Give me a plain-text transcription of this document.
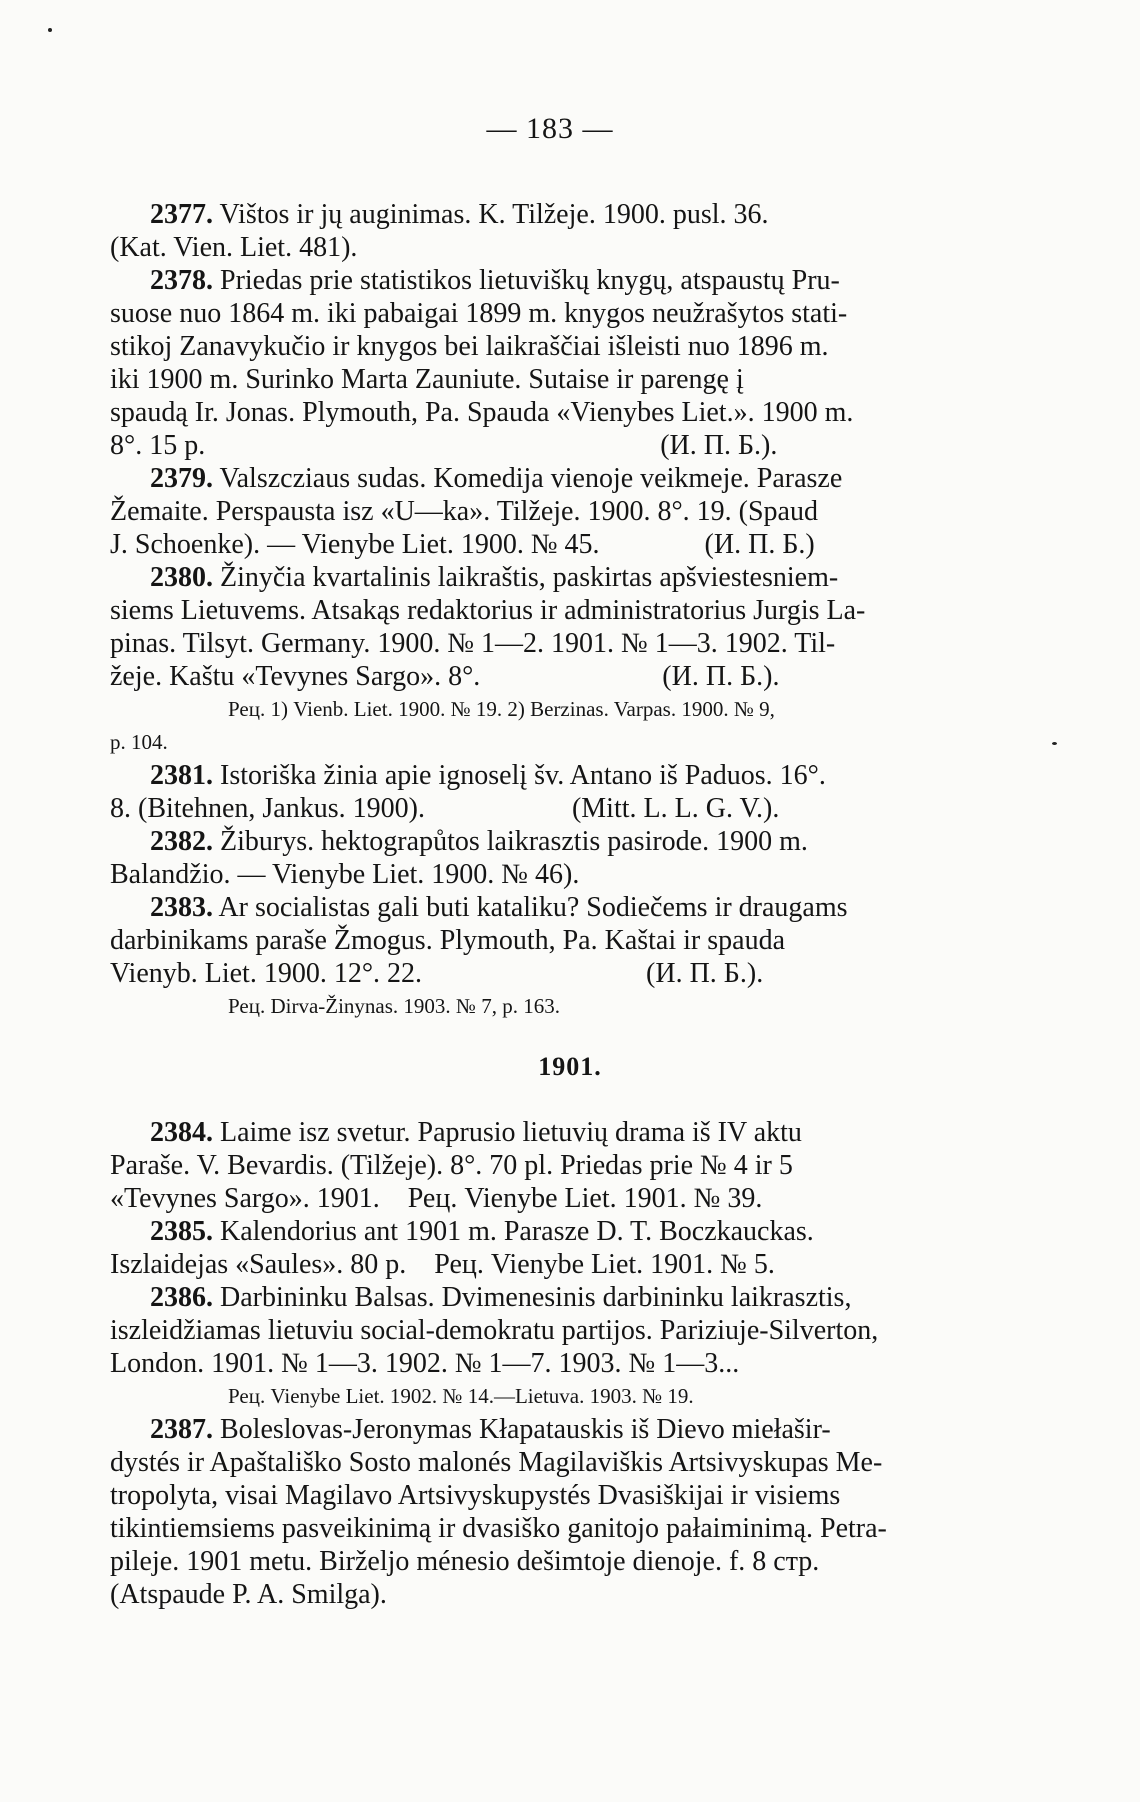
— 183 —
2377. Vištos ir jų auginimas. K. Tilžeje. 1900. pusl. 36.
(Kat. Vien. Liet. 481).
2378. Priedas prie statistikos lietuviškų knygų, atspaustų Pru-
suose nuo 1864 m. iki pabaigai 1899 m. knygos neužrašytos stati-
stikoj Zanavykučio ir knygos bei laikraščiai išleisti nuo 1896 m.
iki 1900 m. Surinko Marta Zauniute. Sutaise ir parengę į
spaudą Ir. Jonas. Plymouth, Pa. Spauda «Vienybes Liet.». 1900 m.
8°. 15 p.                                                                 (И. П. Б.).
2379. Valszcziaus sudas. Komedija vienoje veikmeje. Parasze
Žemaite. Perspausta isz «U—ka». Tilžeje. 1900. 8°. 19. (Spaud
J. Schoenke). — Vienybe Liet. 1900. № 45.               (И. П. Б.)
2380. Žinyčia kvartalinis laikraštis, paskirtas apšviestesniem-
siems Lietuvems. Atsakąs redaktorius ir administratorius Jurgis La-
pinas. Tilsyt. Germany. 1900. № 1—2. 1901. № 1—3. 1902. Til-
žeje. Kaštu «Tevynes Sargo». 8°.                          (И. П. Б.).
Рец. 1) Vienb. Liet. 1900. № 19. 2) Berzinas. Varpas. 1900. № 9,
p. 104.
2381. Istoriška žinia apie ignoselį šv. Antano iš Paduos. 16°.
8. (Bitehnen, Jankus. 1900).                     (Mitt. L. L. G. V.).
2382. Žiburys. hektograpůtos laikrasztis pasirode. 1900 m.
Balandžio. — Vienybe Liet. 1900. № 46).
2383. Ar socialistas gali buti kataliku? Sodiečems ir draugams
darbinikams paraše Žmogus. Plymouth, Pa. Kaštai ir spauda
Vienyb. Liet. 1900. 12°. 22.                                (И. П. Б.).
Рец. Dirva-Žinynas. 1903. № 7, p. 163.
1901.
2384. Laime isz svetur. Paprusio lietuvių drama iš IV aktu
Paraše. V. Bevardis. (Tilžeje). 8°. 70 pl. Priedas prie № 4 ir 5
«Tevynes Sargo». 1901.    Рец. Vienybe Liet. 1901. № 39.
2385. Kalendorius ant 1901 m. Parasze D. T. Boczkauckas.
Iszlaidejas «Saules». 80 p.    Рец. Vienybe Liet. 1901. № 5.
2386. Darbininku Balsas. Dvimenesinis darbininku laikrasztis,
iszleidžiamas lietuviu social-demokratu partijos. Pariziuje-Silverton,
London. 1901. № 1—3. 1902. № 1—7. 1903. № 1—3...
Рец. Vienybe Liet. 1902. № 14.—Lietuva. 1903. № 19.
2387. Boleslovas-Jeronymas Kłapatauskis iš Dievo miełašir-
dystés ir Apaštališko Sosto malonés Magilaviškis Artsivyskupas Me-
tropolyta, visai Magilavo Artsivyskupystés Dvasiškijai ir visiems
tikintiemsiems pasveikinimą ir dvasiško ganitojo pałaiminimą. Petra-
pileje. 1901 metu. Birželjo ménesio dešimtoje dienoje. f. 8 стр.
(Atspaude P. A. Smilga).
